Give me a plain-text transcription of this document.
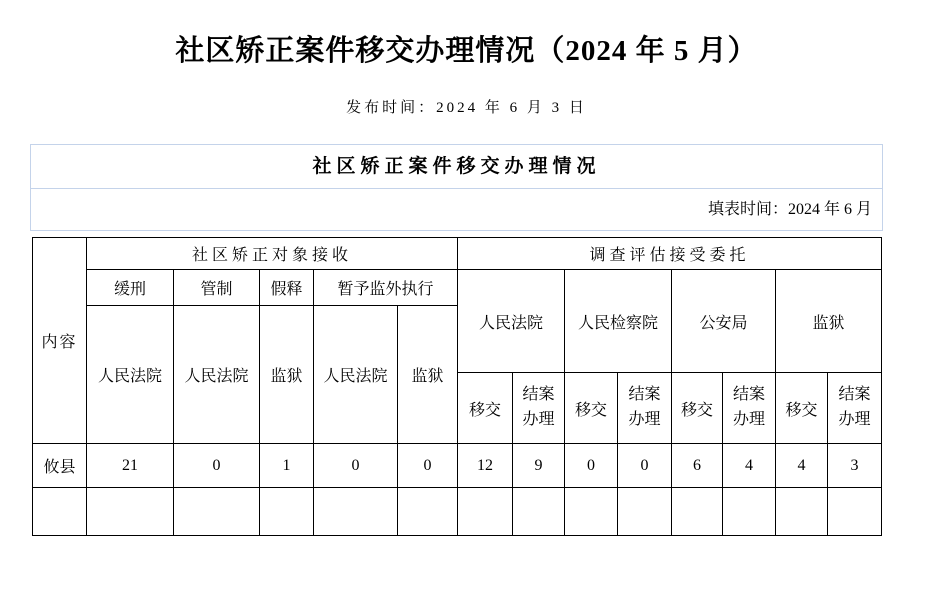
社区矫正案件移交办理情况（2024 年 5 月）
发布时间：2024 年 6 月 3 日
社区矫正案件移交办理情况
填表时间：2024 年 6 月
内容	社区矫正对象接收					调查评估接受委托							
	缓刑	管制	假释	暂予监外执行		人民法院		人民检察院		公安局		监狱	
	人民法院	人民法院	监狱	人民法院	监狱								
						移交	结案办理	移交	结案办理	移交	结案办理	移交	结案办理
攸县	21	0	1	0	0	12	9	0	0	6	4	4	3
